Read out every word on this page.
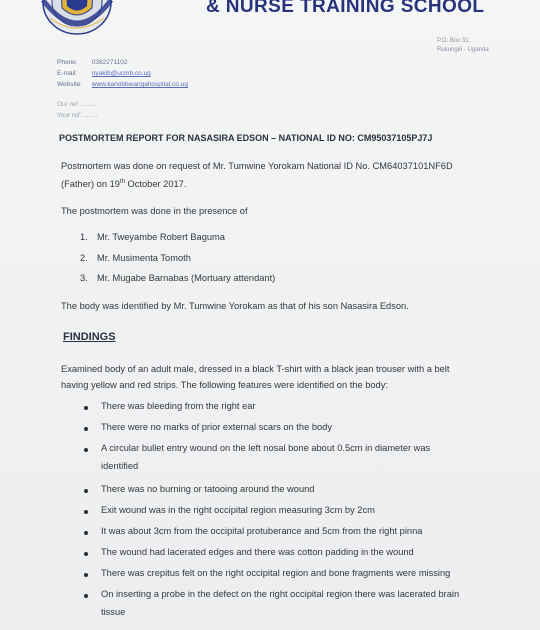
& NURSE TRAINING SCHOOL
P.O. Box 31,
Rukungiri - Uganda
Phone: 0382271102
E-mail: nyakib@ucmb.co.ug
Website: www.kanobbwangahospital.co.ug
Our ref: ........
Your ref: ........
POSTMORTEM REPORT FOR NASASIRA EDSON – NATIONAL ID NO: CM95037105PJ7J
Postmortem was done on request of Mr. Tumwine Yorokam National ID No. CM64037101NF6D
(Father) on 19th October 2017.
The postmortem was done in the presence of
1. Mr. Tweyambe Robert Baguma
2. Mr. Musimenta Tomoth
3. Mr. Mugabe Barnabas (Mortuary attendant)
The body was identified by Mr. Tumwine Yorokam as that of his son Nasasira Edson.
FINDINGS
Examined body of an adult male, dressed in a black T-shirt with a black jean trouser with a belt
having yellow and red strips. The following features were identified on the body:
There was bleeding from the right ear
There were no marks of prior external scars on the body
A circular bullet entry wound on the left nosal bone about 0.5cm in diameter was
identified
There was no burning or tatooing around the wound
Exit wound was in the right occipital region measuring 3cm by 2cm
It was about 3cm from the occipital protuberance and 5cm from the right pinna
The wound had lacerated edges and there was cotton padding in the wound
There was crepitus felt on the right occipital region and bone fragments were missing
On inserting a probe in the defect on the right occipital region there was lacerated brain
tissue
